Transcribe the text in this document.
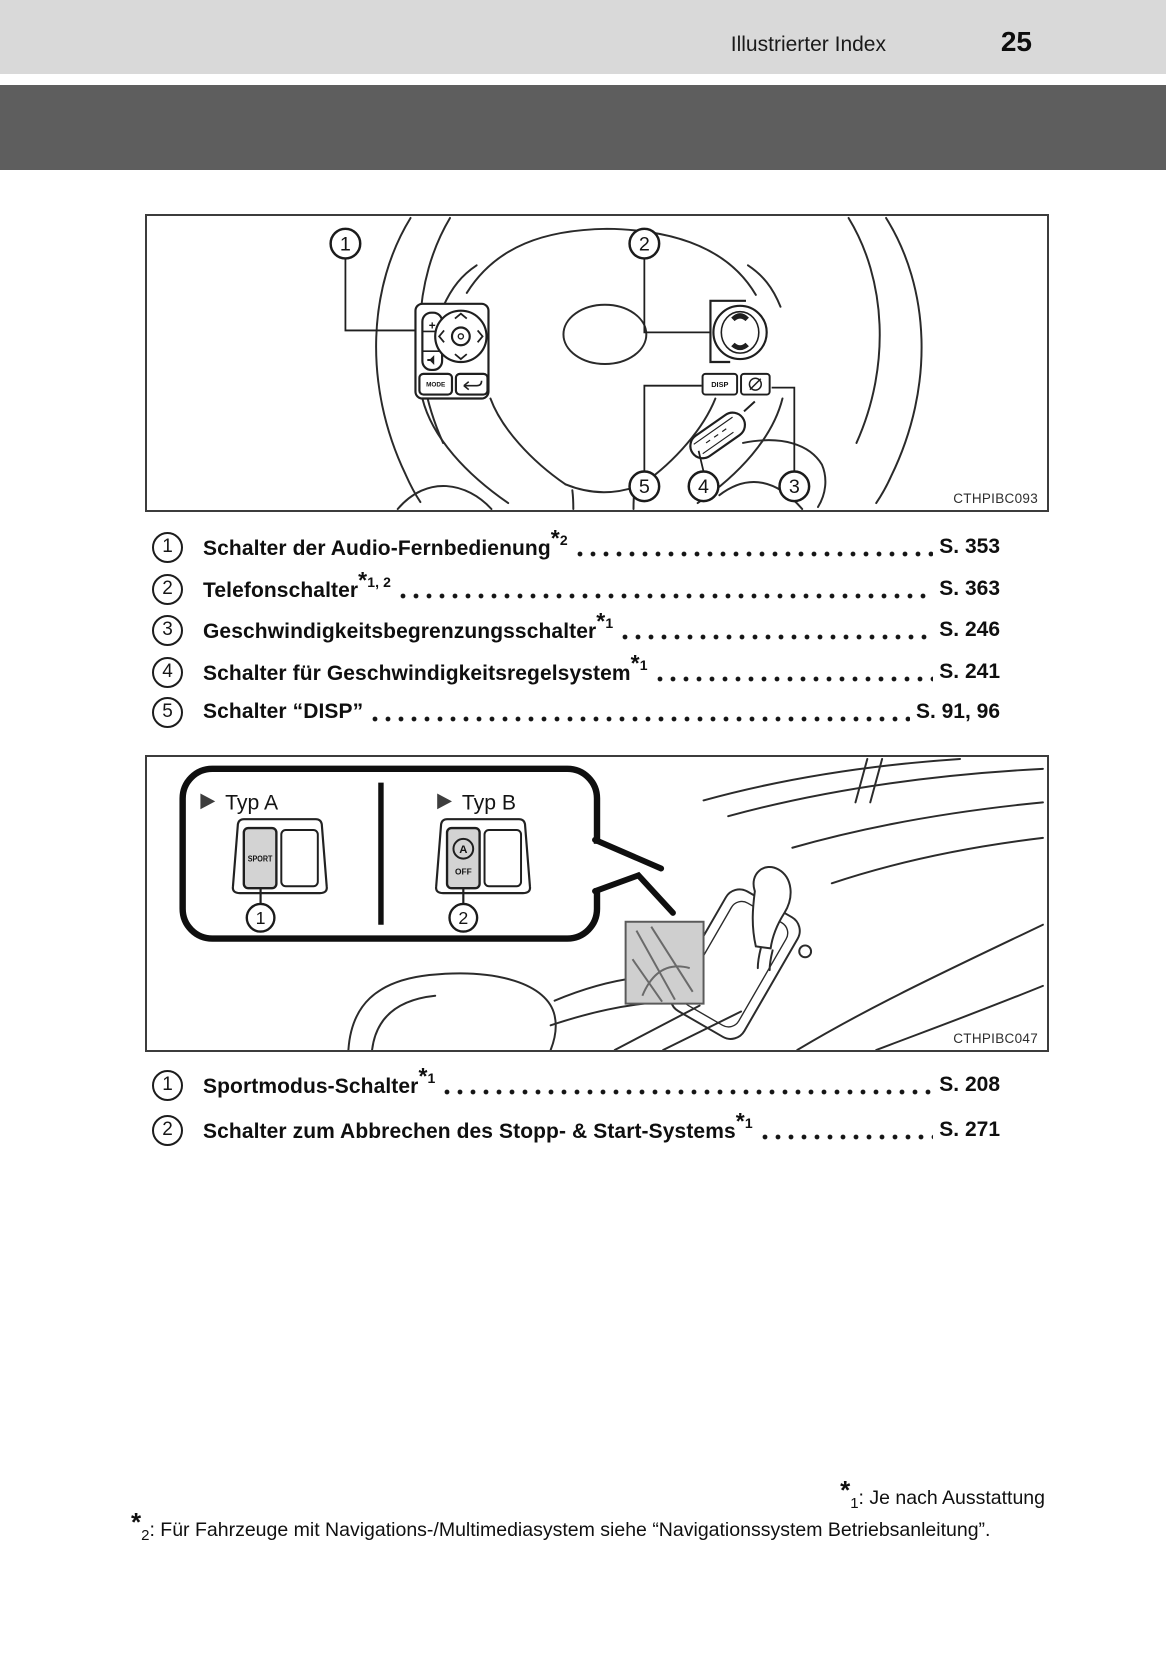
Illustrierter Index	25
+
MODE	DISP
1	2
5 4	3
CTHPIBC093
1	Schalter der Audio-Fernbedienung*2	S. 353
2	Telefonschalter*1, 2	S. 363
3	Geschwindigkeitsbegrenzungsschalter*1	S. 246
4	Schalter für Geschwindigkeitsregelsystem*1	S. 241
5	Schalter “DISP”	S. 91, 96
Typ A
SPORT
1
Typ B
A
OFF
2
CTHPIBC047
1	Sportmodus-Schalter*1	S. 208
2	Schalter zum Abbrechen des Stopp- & Start-Systems*1	S. 271
$*_1$: Je nach Ausstattung
$*_2$: Für Fahrzeuge mit Navigations-/Multimediasystem siehe “Navigationssystem Betriebsanleitung”.
